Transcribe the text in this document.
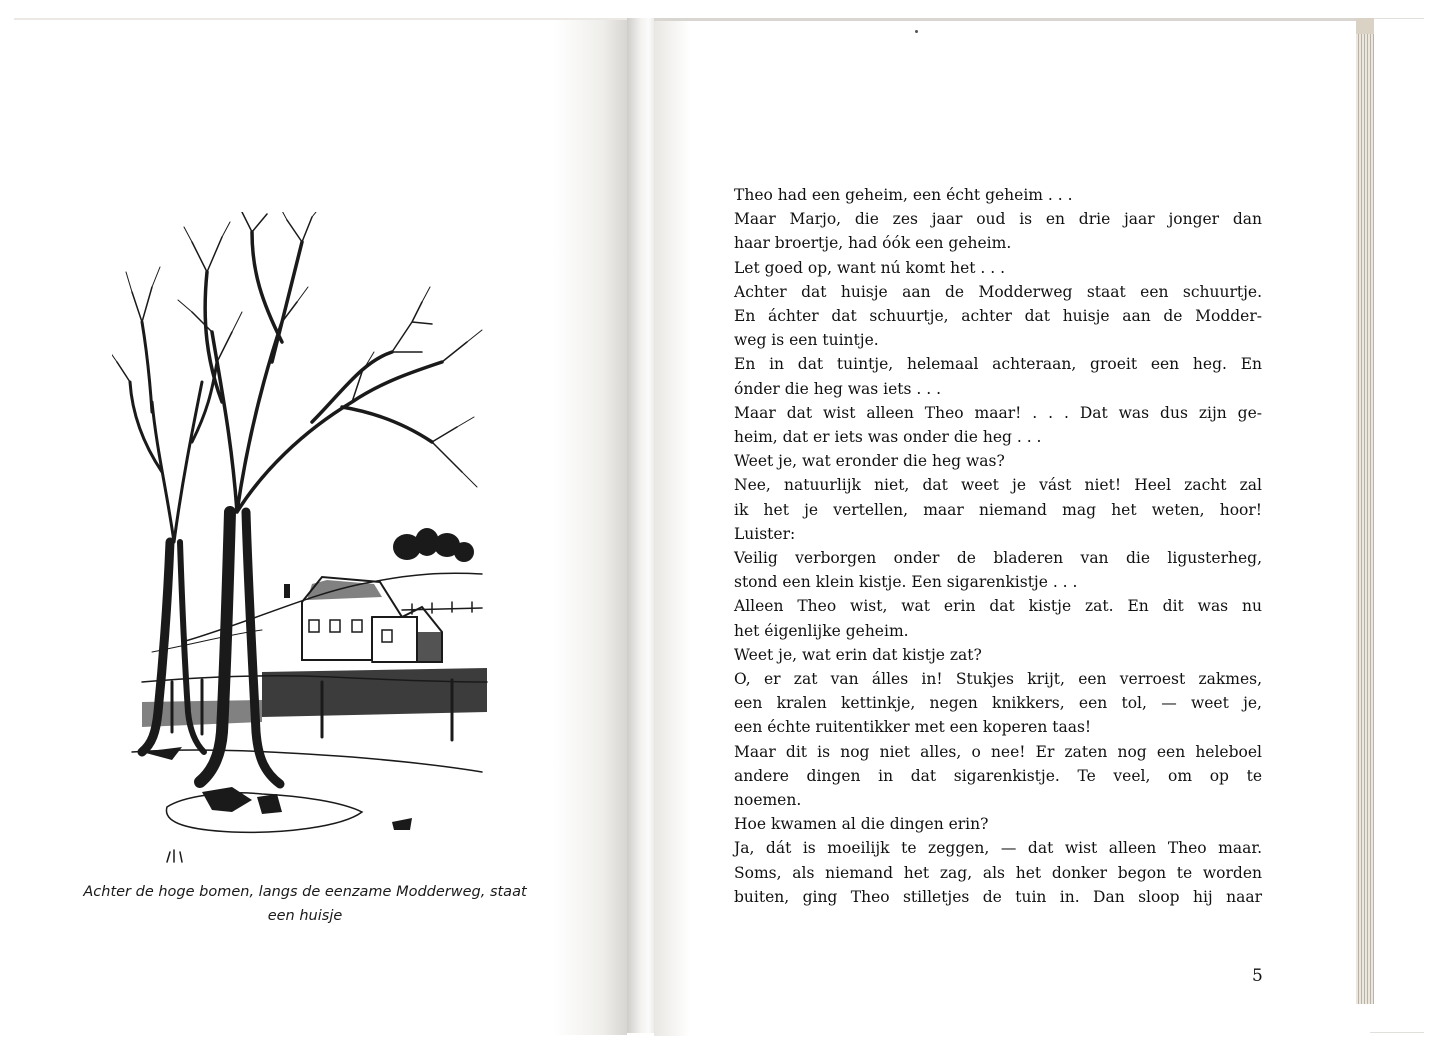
Achter de hoge bomen, langs de eenzame Modderweg, staat
een huisje
Theo had een geheim, een écht geheim . . .
Maar Marjo, die zes jaar oud is en drie jaar jonger dan
haar broertje, had óók een geheim.
Let goed op, want nú komt het . . .
Achter dat huisje aan de Modderweg staat een schuurtje.
En áchter dat schuurtje, achter dat huisje aan de Modder-
weg is een tuintje.
En in dat tuintje, helemaal achteraan, groeit een heg. En
ónder die heg was iets . . .
Maar dat wist alleen Theo maar! . . . Dat was dus zijn ge-
heim, dat er iets was onder die heg . . .
Weet je, wat eronder die heg was?
Nee, natuurlijk niet, dat weet je vást niet! Heel zacht zal
ik het je vertellen, maar niemand mag het weten, hoor!
Luister:
Veilig verborgen onder de bladeren van die ligusterheg,
stond een klein kistje. Een sigarenkistje . . .
Alleen Theo wist, wat erin dat kistje zat. En dit was nu
het éigenlijke geheim.
Weet je, wat erin dat kistje zat?
O, er zat van álles in! Stukjes krijt, een verroest zakmes,
een kralen kettinkje, negen knikkers, een tol, — weet je,
een échte ruitentikker met een koperen taas!
Maar dit is nog niet alles, o nee! Er zaten nog een heleboel
andere dingen in dat sigarenkistje. Te veel, om op te
noemen.
Hoe kwamen al die dingen erin?
Ja, dát is moeilijk te zeggen, — dat wist alleen Theo maar.
Soms, als niemand het zag, als het donker begon te worden
buiten, ging Theo stilletjes de tuin in. Dan sloop hij naar
5
